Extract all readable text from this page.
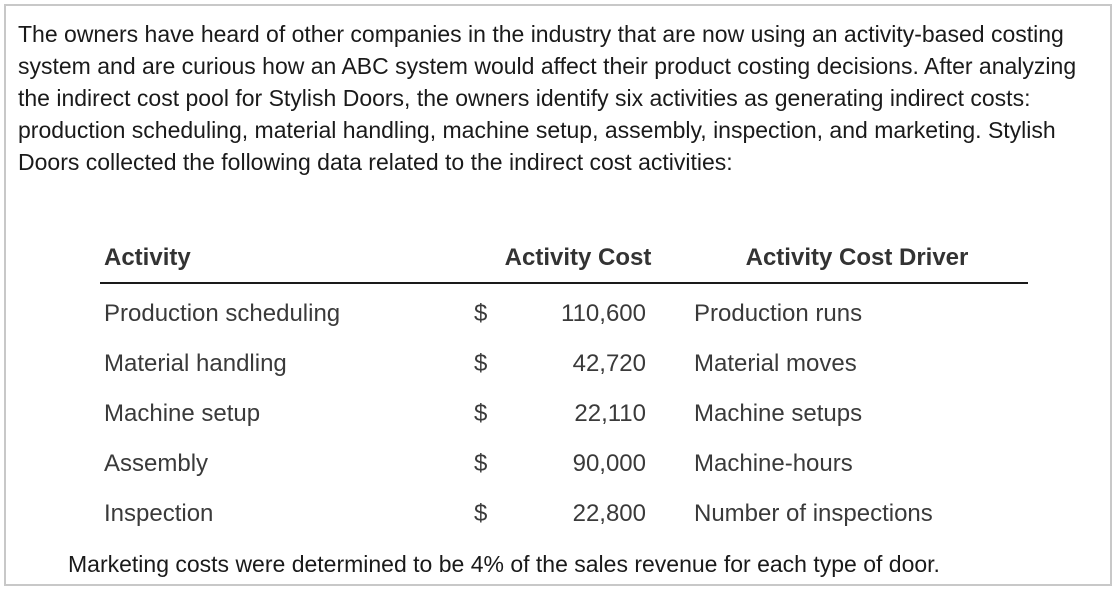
The owners have heard of other companies in the industry that are now using an activity-based costing system and are curious how an ABC system would affect their product costing decisions. After analyzing the indirect cost pool for Stylish Doors, the owners identify six activities as generating indirect costs: production scheduling, material handling, machine setup, assembly, inspection, and marketing. Stylish Doors collected the following data related to the indirect cost activities:

Activity	Activity Cost	Activity Cost Driver
Production scheduling	$	110,600 Production runs
Material handling	$	42,720 Material moves
Machine setup	$	22,110 Machine setups
Assembly	$	90,000 Machine-hours
Inspection	$	22,800 Number of inspections

Marketing costs were determined to be 4% of the sales revenue for each type of door.
